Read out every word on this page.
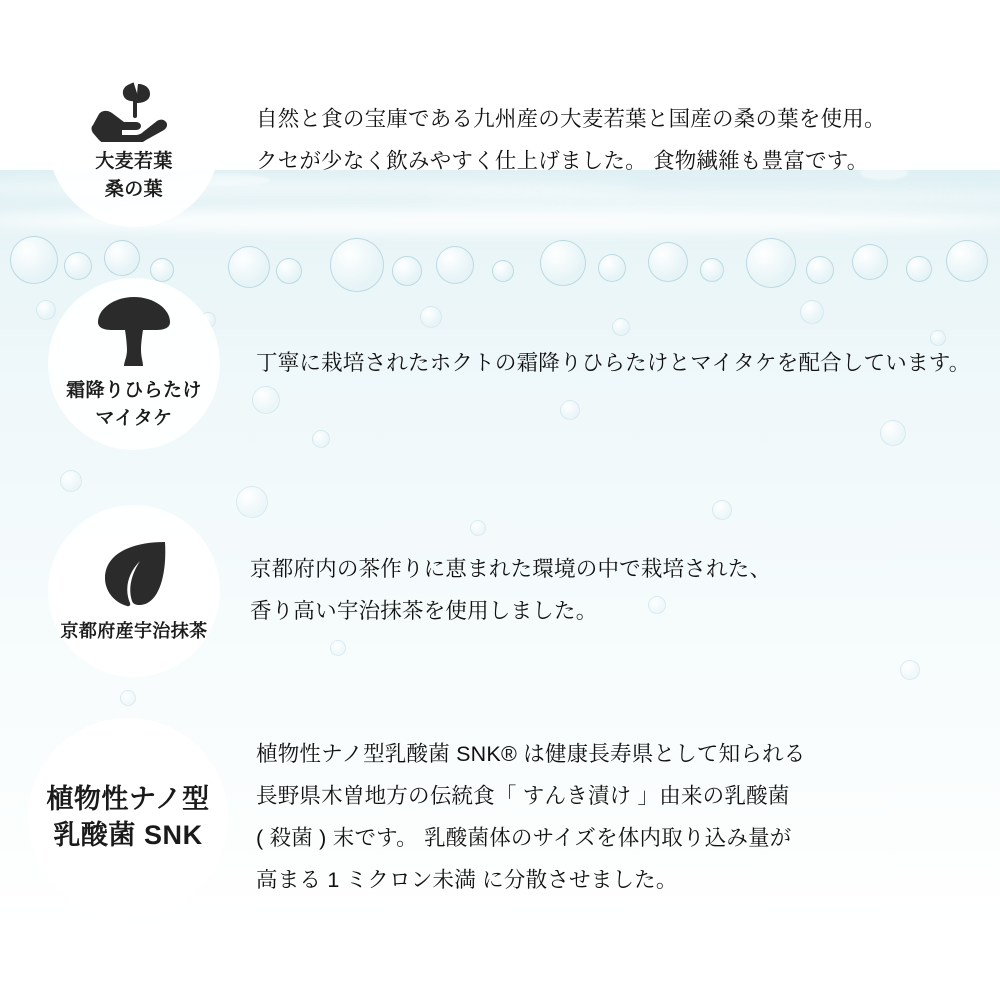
大麦若葉
桑の葉
自然と食の宝庫である九州産の大麦若葉と国産の桑の葉を使用。
クセが少なく飲みやすく仕上げました。 食物繊維も豊富です。
霜降りひらたけ
マイタケ
丁寧に栽培されたホクトの霜降りひらたけとマイタケを配合しています。
京都府産宇治抹茶
京都府内の茶作りに恵まれた環境の中で栽培された、
香り高い宇治抹茶を使用しました。
植物性ナノ型
乳酸菌 SNK
植物性ナノ型乳酸菌 SNK® は健康長寿県として知られる
長野県木曽地方の伝統食「 すんき漬け 」由来の乳酸菌
( 殺菌 ) 末です。 乳酸菌体のサイズを体内取り込み量が
高まる 1 ミクロン未満 に分散させました。
